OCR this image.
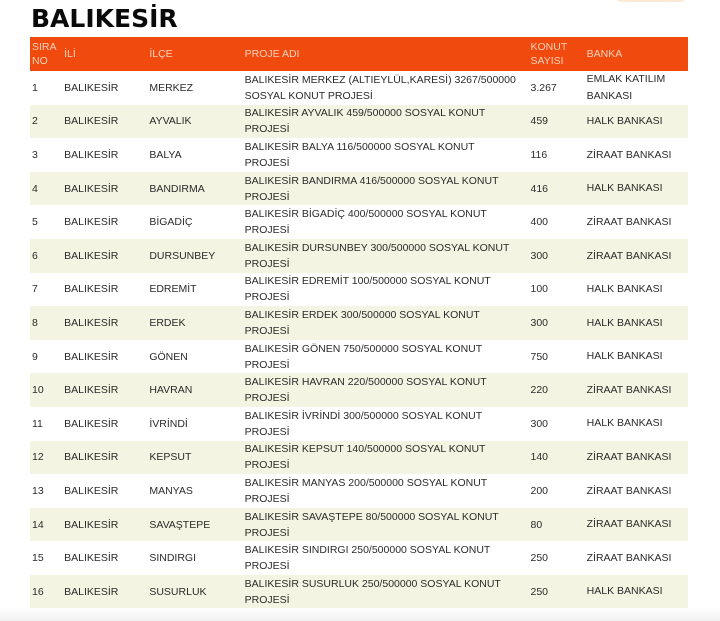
BALIKESİR
SIRA
NO	İLİ	İLÇE	PROJE ADI	KONUT
SAYISI	BANKA
1	BALIKESİR	MERKEZ	BALIKESİR MERKEZ (ALTIEYLÜL,KARESİ) 3267/500000
SOSYAL KONUT PROJESİ	3.267	EMLAK KATILIM
BANKASI

2	BALIKESİR	AYVALIK	BALIKESİR AYVALIK 459/500000 SOSYAL KONUT
PROJESİ	459	HALK BANKASI

3	BALIKESİR	BALYA	BALIKESİR BALYA 116/500000 SOSYAL KONUT
PROJESİ	116	ZİRAAT BANKASI

4	BALIKESİR	BANDIRMA	BALIKESİR BANDIRMA 416/500000 SOSYAL KONUT
PROJESİ	416	HALK BANKASI

5	BALIKESİR	BİGADİÇ	BALIKESİR BİGADİÇ 400/500000 SOSYAL KONUT
PROJESİ	400	ZİRAAT BANKASI

6	BALIKESİR	DURSUNBEY	BALIKESİR DURSUNBEY 300/500000 SOSYAL KONUT
PROJESİ	300	ZİRAAT BANKASI

7	BALIKESİR	EDREMİT	BALIKESİR EDREMİT 100/500000 SOSYAL KONUT
PROJESİ	100	HALK BANKASI

8	BALIKESİR	ERDEK	BALIKESİR ERDEK 300/500000 SOSYAL KONUT
PROJESİ	300	HALK BANKASI

9	BALIKESİR	GÖNEN	BALIKESİR GÖNEN 750/500000 SOSYAL KONUT
PROJESİ	750	HALK BANKASI

10	BALIKESİR	HAVRAN	BALIKESİR HAVRAN 220/500000 SOSYAL KONUT
PROJESİ	220	ZİRAAT BANKASI

11	BALIKESİR	İVRİNDİ	BALIKESİR İVRİNDİ 300/500000 SOSYAL KONUT
PROJESİ	300	HALK BANKASI

12	BALIKESİR	KEPSUT	BALIKESİR KEPSUT 140/500000 SOSYAL KONUT
PROJESİ	140	ZİRAAT BANKASI

13	BALIKESİR	MANYAS	BALIKESİR MANYAS 200/500000 SOSYAL KONUT
PROJESİ	200	ZİRAAT BANKASI

14	BALIKESİR	SAVAŞTEPE	BALIKESİR SAVAŞTEPE 80/500000 SOSYAL KONUT
PROJESİ	80	ZİRAAT BANKASI

15	BALIKESİR	SINDIRGI	BALIKESİR SINDIRGI 250/500000 SOSYAL KONUT
PROJESİ	250	ZİRAAT BANKASI

16	BALIKESİR	SUSURLUK	BALIKESİR SUSURLUK 250/500000 SOSYAL KONUT
PROJESİ	250	HALK BANKASI
